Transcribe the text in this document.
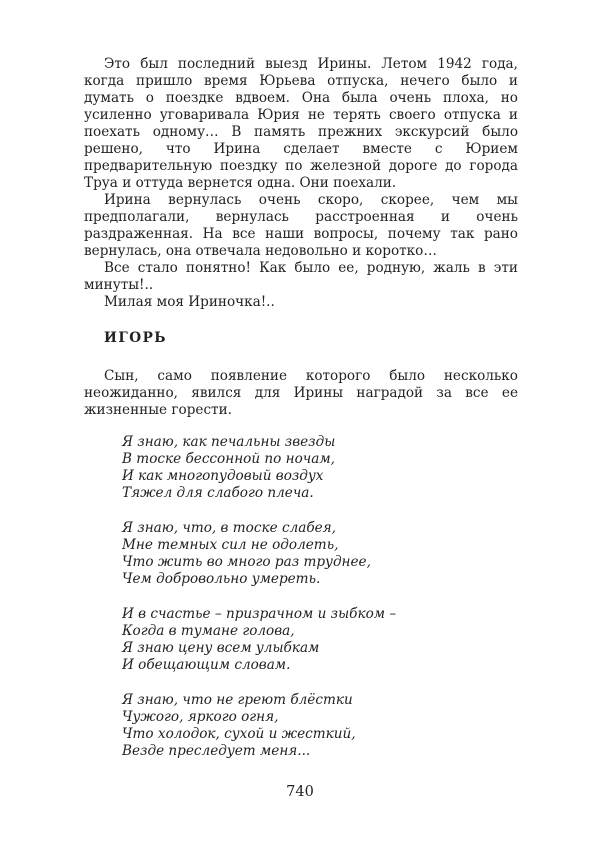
Это был последний выезд Ирины. Летом 1942 года, когда пришло время Юрьева отпуска, нечего было и думать о поездке вдвоем. Она была очень плоха, но усиленно уговаривала Юрия не терять своего отпуска и поехать одному… В память прежних экскурсий было решено, что Ирина сделает вместе с Юрием предварительную поездку по железной дороге до города Труа и оттуда вернется одна. Они поехали.

Ирина вернулась очень скоро, скорее, чем мы предполагали, вернулась расстроенная и очень раздраженная. На все наши вопросы, почему так рано вернулась, она отвечала недовольно и коротко…

Все стало понятно! Как было ее, родную, жаль в эти минуты!..

Милая моя Ириночка!..

ИГОРЬ

Сын, само появление которого было несколько неожиданно, явился для Ирины наградой за все ее жизненные горести.

Я знаю, как печальны звезды
В тоске бессонной по ночам,
И как многопудовый воздух
Тяжел для слабого плеча.
Я знаю, что, в тоске слабея,
Мне темных сил не одолеть,
Что жить во много раз труднее,
Чем добровольно умереть.
И в счастье – призрачном и зыбком –
Когда в тумане голова,
Я знаю цену всем улыбкам
И обещающим словам.
Я знаю, что не греют блёстки
Чужого, яркого огня,
Что холодок, сухой и жесткий,
Везде преследует меня...
740
